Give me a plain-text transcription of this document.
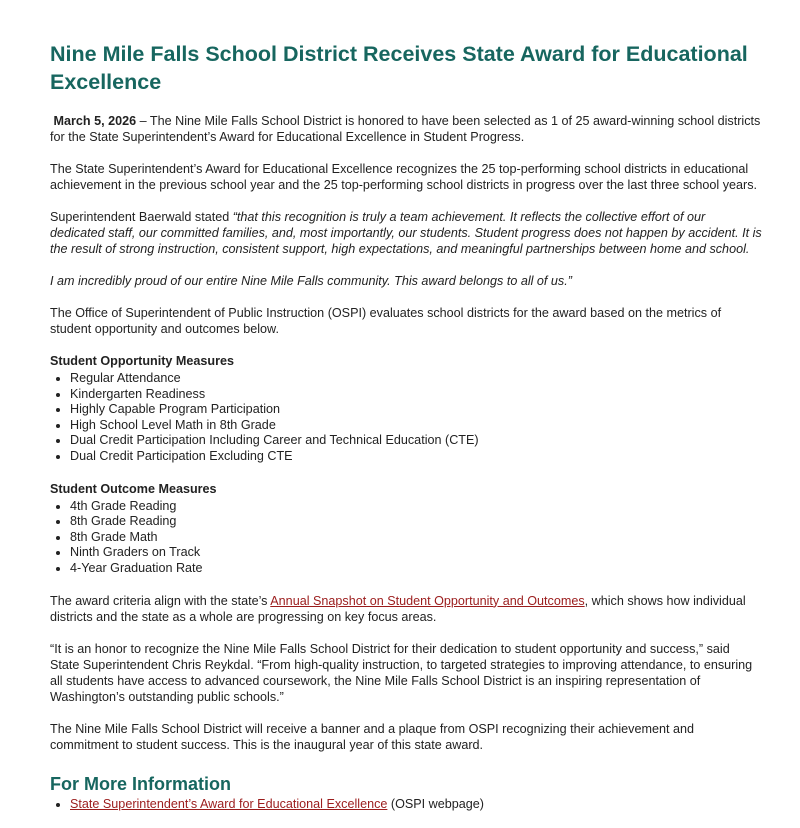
Nine Mile Falls School District Receives State Award for Educational Excellence

March 5, 2026 – The Nine Mile Falls School District is honored to have been selected as 1 of 25 award-winning school districts for the State Superintendent’s Award for Educational Excellence in Student Progress.

The State Superintendent’s Award for Educational Excellence recognizes the 25 top-performing school districts in educational achievement in the previous school year and the 25 top-performing school districts in progress over the last three school years.

Superintendent Baerwald stated “that this recognition is truly a team achievement. It reflects the collective effort of our dedicated staff, our committed families, and, most importantly, our students. Student progress does not happen by accident. It is the result of strong instruction, consistent support, high expectations, and meaningful partnerships between home and school.

I am incredibly proud of our entire Nine Mile Falls community. This award belongs to all of us.”

The Office of Superintendent of Public Instruction (OSPI) evaluates school districts for the award based on the metrics of student opportunity and outcomes below.

Student Opportunity Measures
• Regular Attendance
• Kindergarten Readiness
• Highly Capable Program Participation
• High School Level Math in 8th Grade
• Dual Credit Participation Including Career and Technical Education (CTE)
• Dual Credit Participation Excluding CTE
Student Outcome Measures
• 4th Grade Reading
• 8th Grade Reading
• 8th Grade Math
• Ninth Graders on Track
• 4-Year Graduation Rate

The award criteria align with the state’s Annual Snapshot on Student Opportunity and Outcomes, which shows how individual districts and the state as a whole are progressing on key focus areas.

“It is an honor to recognize the Nine Mile Falls School District for their dedication to student opportunity and success,” said State Superintendent Chris Reykdal. “From high-quality instruction, to targeted strategies to improving attendance, to ensuring all students have access to advanced coursework, the Nine Mile Falls School District is an inspiring representation of Washington’s outstanding public schools.”

The Nine Mile Falls School District will receive a banner and a plaque from OSPI recognizing their achievement and commitment to student success. This is the inaugural year of this state award.

For More Information
• State Superintendent’s Award for Educational Excellence (OSPI webpage)
